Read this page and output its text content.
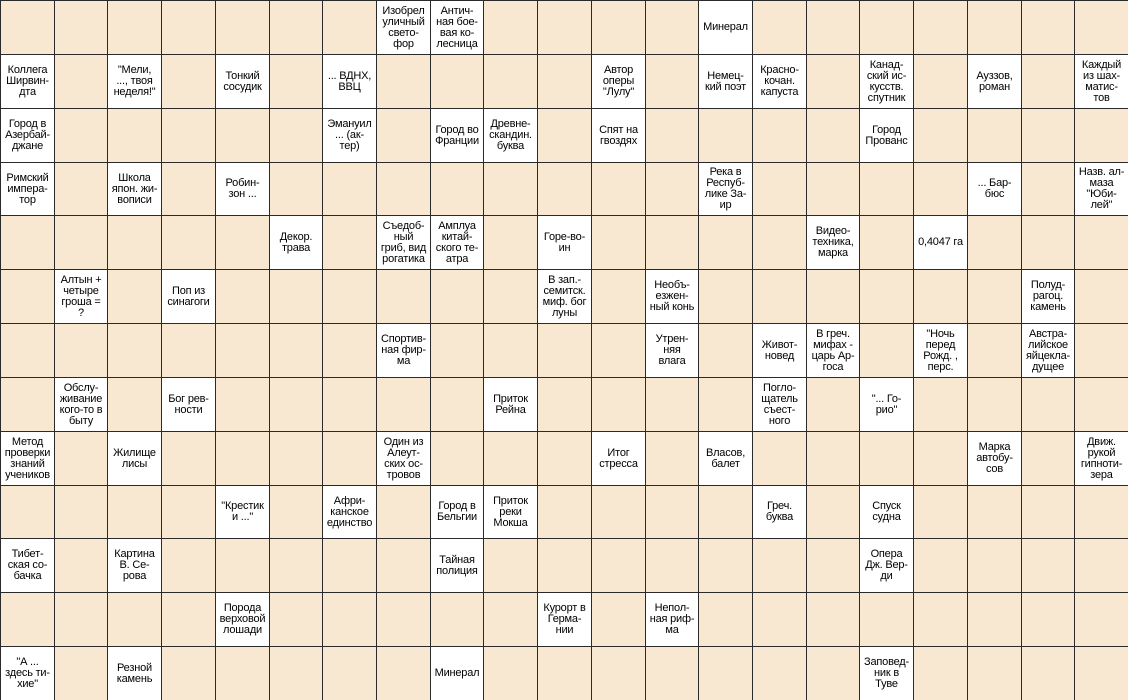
Изобрел
уличный
свето-
фор
Антич-
ная бое-
вая ко-
лесница
Минерал
Коллега
Ширвин-
дта
"Мели,
..., твоя
неделя!"
Тонкий
сосудик
... ВДНХ,
ВВЦ
Автор
оперы
"Лулу"
Немец-
кий поэт
Красно-
кочан.
капуста
Канад-
ский ис-
кусств.
спутник
Ауззов,
роман
Каждый
из шах-
матис-
тов
Город в
Азербай-
джане
Эмануил
... (ак-
тер)
Город во
Франции
Древне-
скандин.
буква
Спят на
гвоздях
Город
Прованс
Римский
импера-
тор
Школа
япон. жи-
вописи
Робин-
зон ...
Река в
Респуб-
лике За-
ир
... Бар-
бюс
Назв. ал-
маза
"Юби-
лей"
Декор.
трава
Съедоб-
ный
гриб, вид
рогатика
Амплуа
китай-
ского те-
атра
Горе-во-
ин
Видео-
техника,
марка
0,4047 га
Алтын +
четыре
гроша =
?
Поп из
синагоги
В зап.-
семитск.
миф. бог
луны
Необъ-
езжен-
ный конь
Полуд-
рагоц.
камень
Спортив-
ная фир-
ма
Утрен-
няя
влага
Живот-
новед
В греч.
мифах -
царь Ар-
госа
"Ночь
перед
Рожд. ,
перс.
Австра-
лийское
яйцекла-
дущее
Обслу-
живание
кого-то в
быту
Бог рев-
ности
Приток
Рейна
Погло-
щатель
съест-
ного
"... Го-
рио"
Метод
проверки
знаний
учеников
Жилище
лисы
Один из
Алеут-
ских ос-
тровов
Итог
стресса
Власов,
балет
Марка
автобу-
сов
Движ.
рукой
гипноти-
зера
"Крестик
и ..."
Афри-
канское
единство
Город в
Бельгии
Приток
реки
Мокша
Греч.
буква
Спуск
судна
Тибет-
ская со-
бачка
Картина
В. Се-
рова
Тайная
полиция
Опера
Дж. Вер-
ди
Порода
верховой
лошади
Курорт в
Герма-
нии
Непол-
ная риф-
ма
"А ...
здесь ти-
хие"
Резной
камень	Минерал
Заповед-
ник в
Туве
